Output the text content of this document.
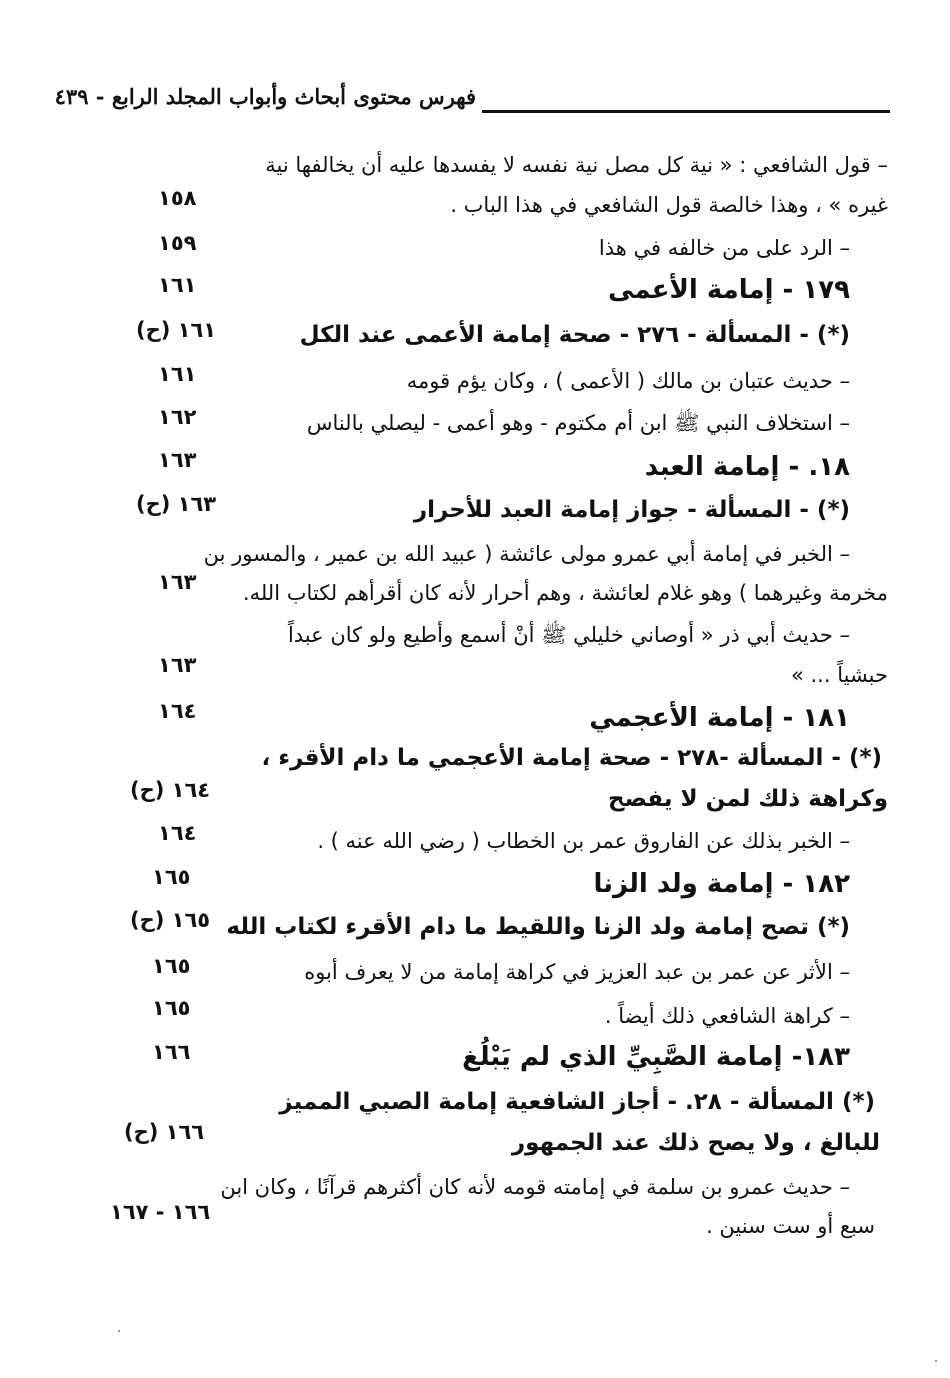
فهرس محتوى أبحاث وأبواب المجلد الرابع - ٤٣٩
– قول الشافعي : « نية كل مصل نية نفسه لا يفسدها عليه أن يخالفها نية
غيره » ، وهذا خالصة قول الشافعي في هذا الباب .
١٥٨
– الرد على من خالفه في هذا
١٥٩
١٧٩ - إمامة الأعمى
١٦١
(*) - المسألة - ٢٧٦ - صحة إمامة الأعمى عند الكل
١٦١ (ح)
– حديث عتبان بن مالك ( الأعمى ) ، وكان يؤم قومه
١٦١
– استخلاف النبي ﷺ ابن أم مكتوم - وهو أعمى - ليصلي بالناس
١٦٢
١٨. - إمامة العبد
١٦٣
(*) - المسألة - جواز إمامة العبد للأحرار
١٦٣ (ح)
– الخبر في إمامة أبي عمرو مولى عائشة ( عبيد الله بن عمير ، والمسور بن
مخرمة وغيرهما ) وهو غلام لعائشة ، وهم أحرار لأنه كان أقرأهم لكتاب الله.
١٦٣
– حديث أبي ذر « أوصاني خليلي ﷺ أنْ أسمع وأطيع ولو كان عبداً
حبشياً ... »
١٦٣
١٨١ - إمامة الأعجمي
١٦٤
(*) - المسألة -٢٧٨ - صحة إمامة الأعجمي ما دام الأقرء ،
وكراهة ذلك لمن لا يفصح
١٦٤ (ح)
– الخبر بذلك عن الفاروق عمر بن الخطاب ( رضي الله عنه ) .
١٦٤
١٨٢ - إمامة ولد الزنا
١٦٥
(*) تصح إمامة ولد الزنا واللقيط ما دام الأقرء لكتاب الله
١٦٥ (ح)
– الأثر عن عمر بن عبد العزيز في كراهة إمامة من لا يعرف أبوه
١٦٥
– كراهة الشافعي ذلك أيضاً .
١٦٥
١٨٣- إمامة الصَّبِيِّ الذي لم يَبْلُغ
١٦٦
(*) المسألة - ٢٨. - أجاز الشافعية إمامة الصبي المميز
للبالغ ، ولا يصح ذلك عند الجمهور
١٦٦ (ح)
– حديث عمرو بن سلمة في إمامته قومه لأنه كان أكثرهم قرآنًا ، وكان ابن
سبع أو ست سنين .
١٦٦ - ١٦٧
